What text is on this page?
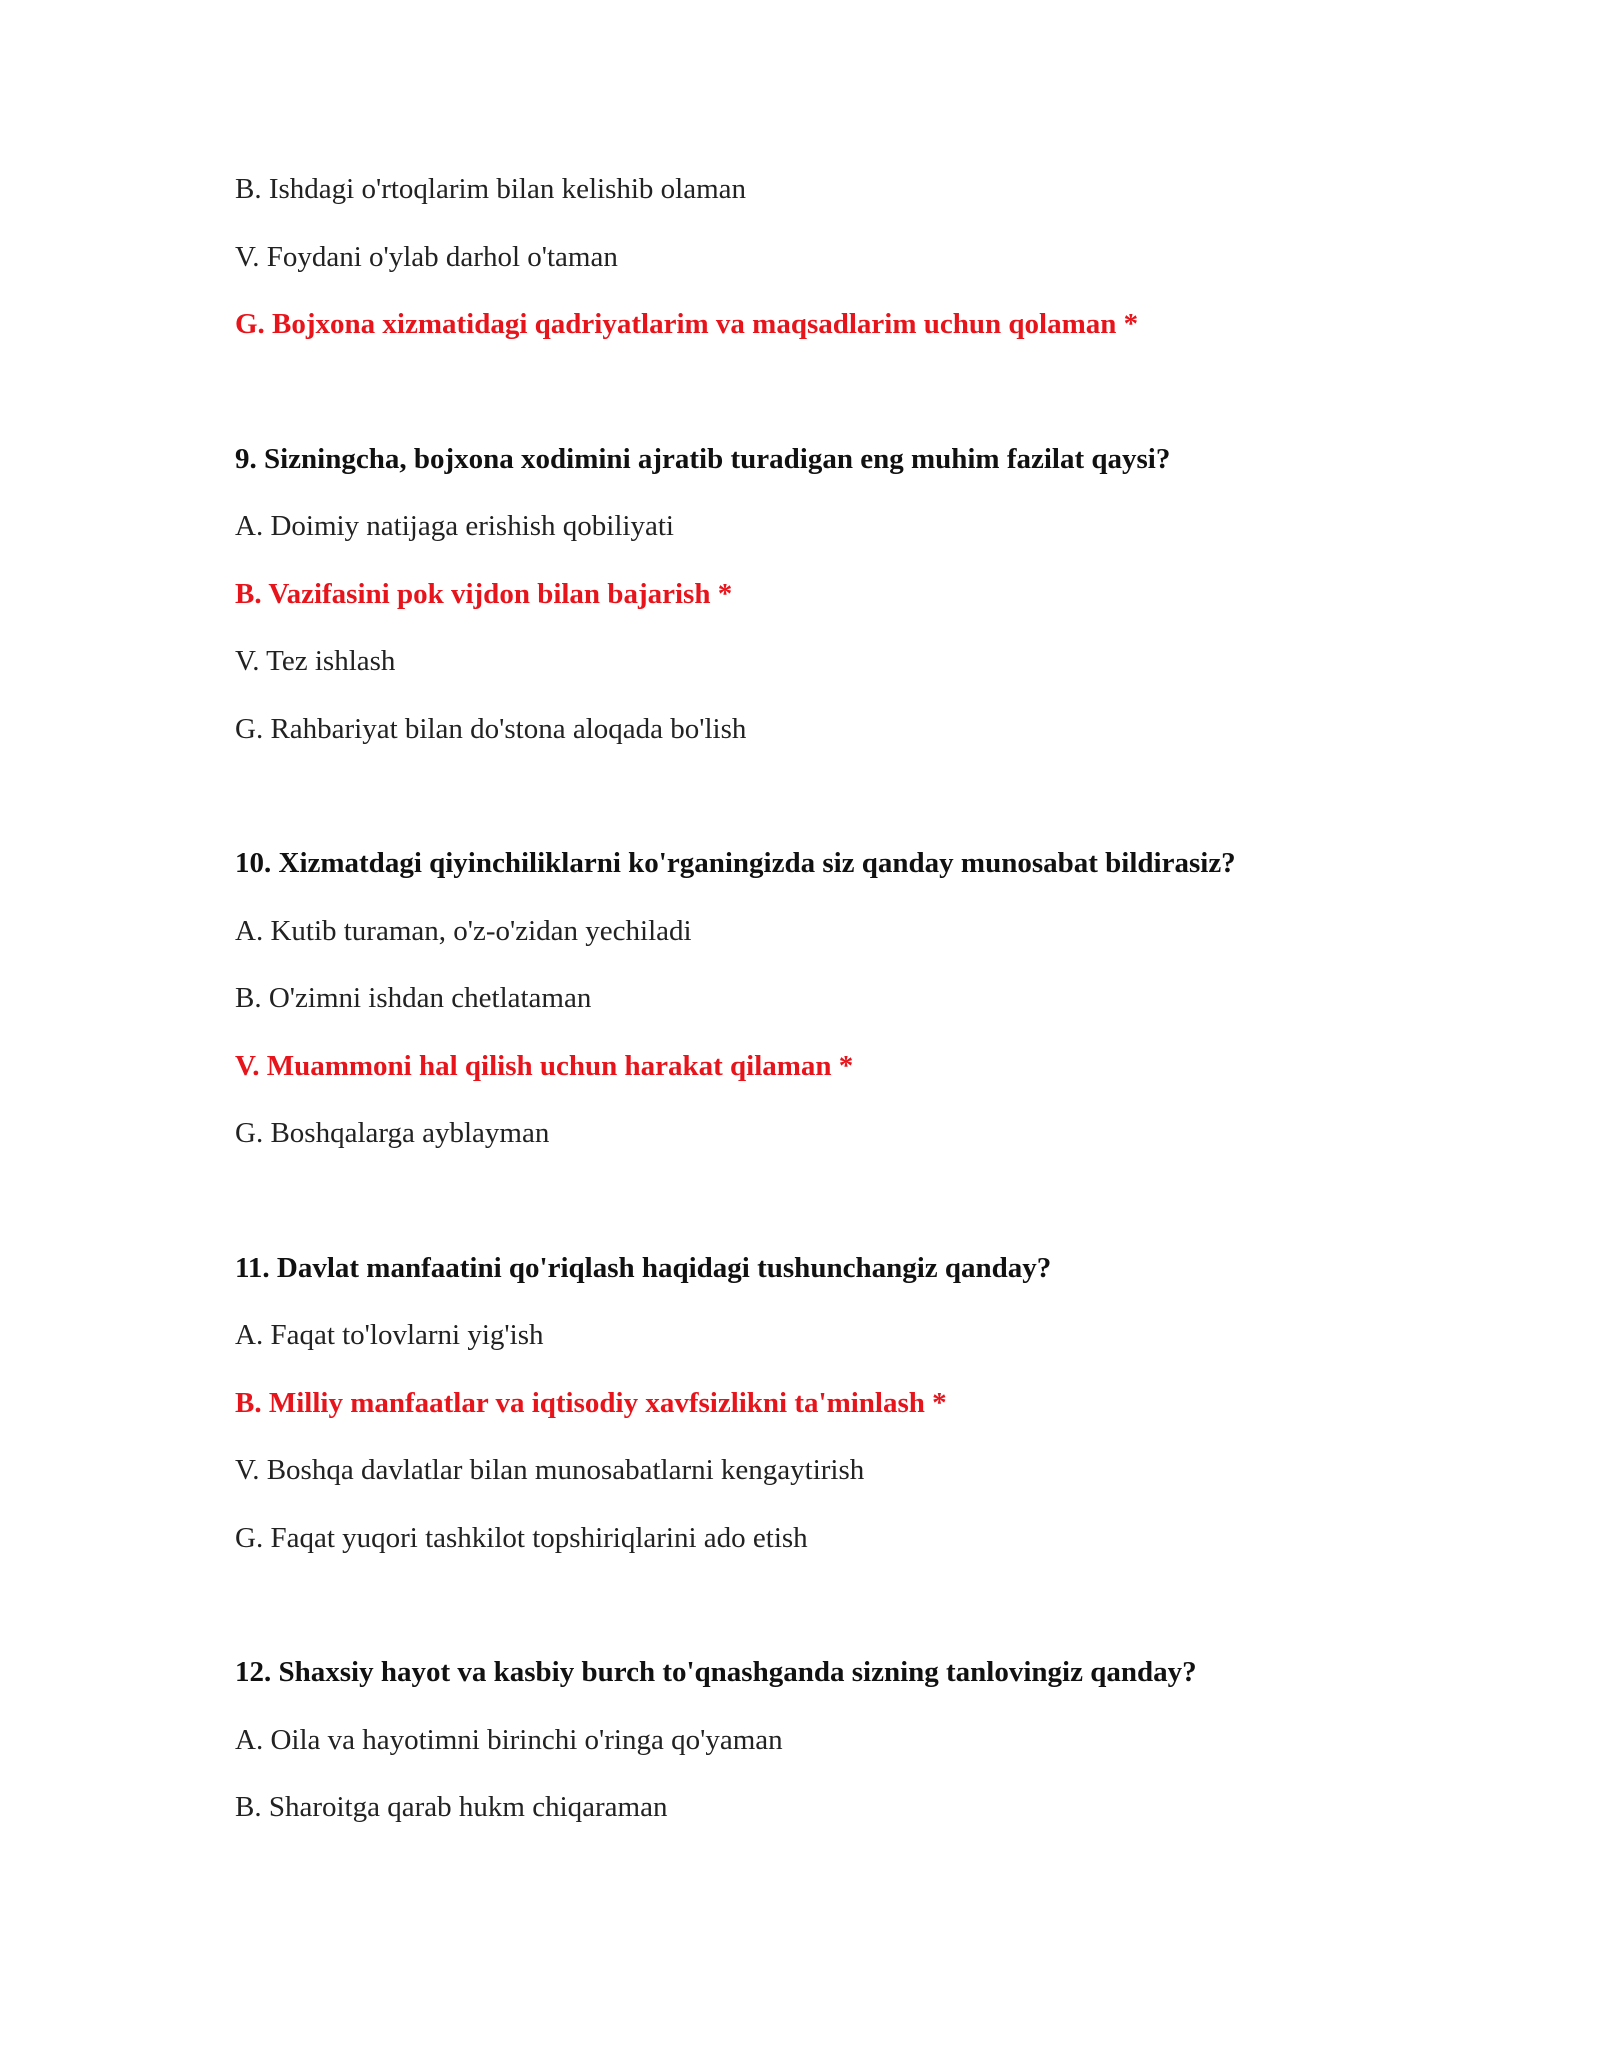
B. Ishdagi o'rtoqlarim bilan kelishib olaman
V. Foydani o'ylab darhol o'taman
G. Bojxona xizmatidagi qadriyatlarim va maqsadlarim uchun qolaman *
9. Sizningcha, bojxona xodimini ajratib turadigan eng muhim fazilat qaysi?
A. Doimiy natijaga erishish qobiliyati
B. Vazifasini pok vijdon bilan bajarish *
V. Tez ishlash
G. Rahbariyat bilan do'stona aloqada bo'lish
10. Xizmatdagi qiyinchiliklarni ko'rganingizda siz qanday munosabat bildirasiz?
A. Kutib turaman, o'z-o'zidan yechiladi
B. O'zimni ishdan chetlataman
V. Muammoni hal qilish uchun harakat qilaman *
G. Boshqalarga ayblayman
11. Davlat manfaatini qo'riqlash haqidagi tushunchangiz qanday?
A. Faqat to'lovlarni yig'ish
B. Milliy manfaatlar va iqtisodiy xavfsizlikni ta'minlash *
V. Boshqa davlatlar bilan munosabatlarni kengaytirish
G. Faqat yuqori tashkilot topshiriqlarini ado etish
12. Shaxsiy hayot va kasbiy burch to'qnashganda sizning tanlovingiz qanday?
A. Oila va hayotimni birinchi o'ringa qo'yaman
B. Sharoitga qarab hukm chiqaraman
